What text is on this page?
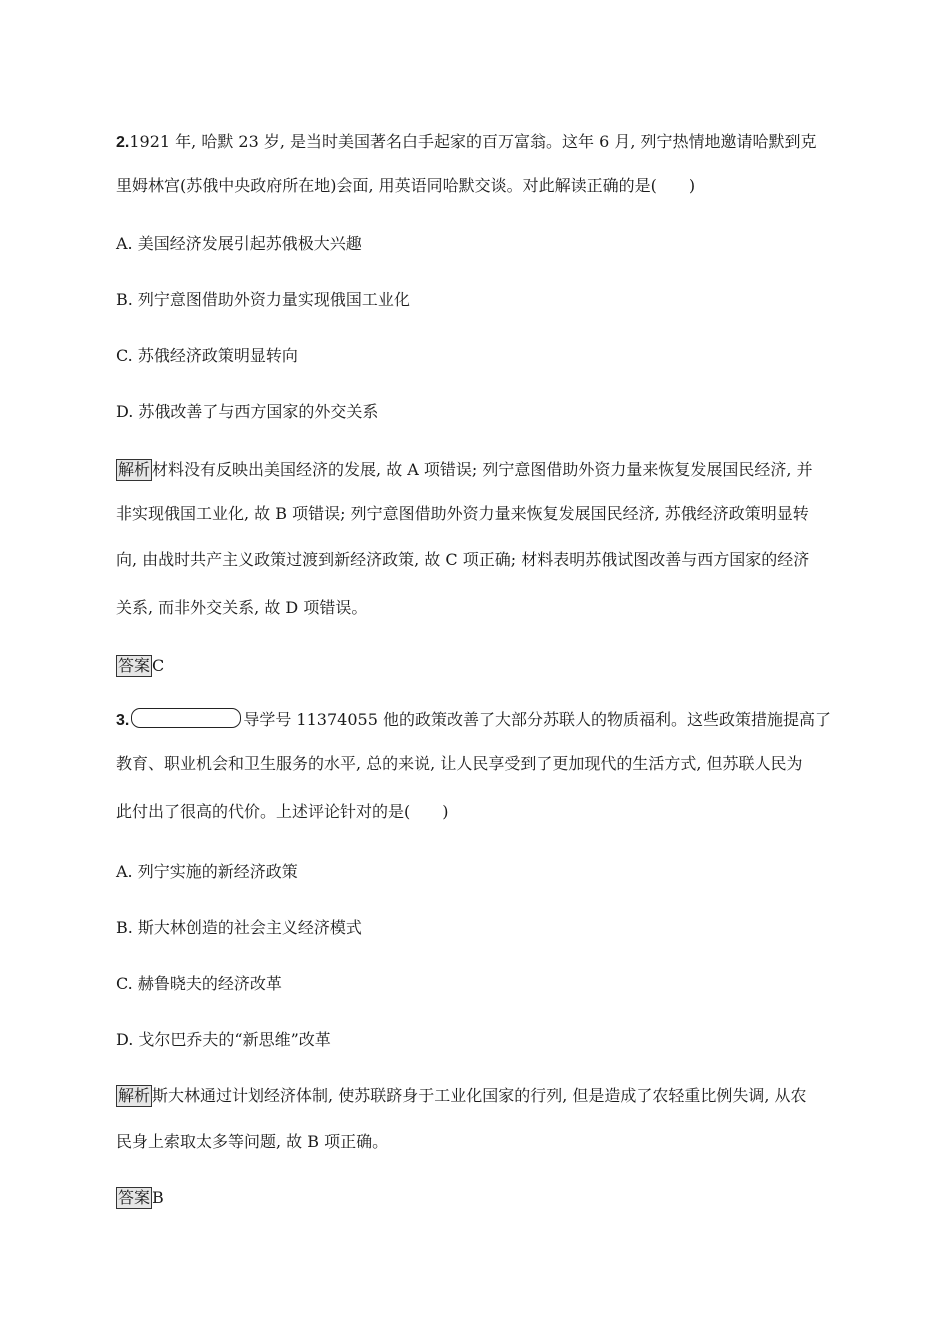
2.1921 年, 哈默 23 岁, 是当时美国著名白手起家的百万富翁。这年 6 月, 列宁热情地邀请哈默到克
里姆林宫(苏俄中央政府所在地)会面, 用英语同哈默交谈。对此解读正确的是(　　)
A. 美国经济发展引起苏俄极大兴趣
B. 列宁意图借助外资力量实现俄国工业化
C. 苏俄经济政策明显转向
D. 苏俄改善了与西方国家的外交关系
解析 材料没有反映出美国经济的发展, 故 A 项错误; 列宁意图借助外资力量来恢复发展国民经济, 并
非实现俄国工业化, 故 B 项错误; 列宁意图借助外资力量来恢复发展国民经济, 苏俄经济政策明显转
向, 由战时共产主义政策过渡到新经济政策, 故 C 项正确; 材料表明苏俄试图改善与西方国家的经济
关系, 而非外交关系, 故 D 项错误。
答案 C
3.	导学号 11374055 他的政策改善了大部分苏联人的物质福利。这些政策措施提高了
教育、职业机会和卫生服务的水平, 总的来说, 让人民享受到了更加现代的生活方式, 但苏联人民为
此付出了很高的代价。上述评论针对的是(　　)
A. 列宁实施的新经济政策
B. 斯大林创造的社会主义经济模式
C. 赫鲁晓夫的经济改革
D. 戈尔巴乔夫的“新思维”改革
解析 斯大林通过计划经济体制, 使苏联跻身于工业化国家的行列, 但是造成了农轻重比例失调, 从农
民身上索取太多等问题, 故 B 项正确。
答案 B
